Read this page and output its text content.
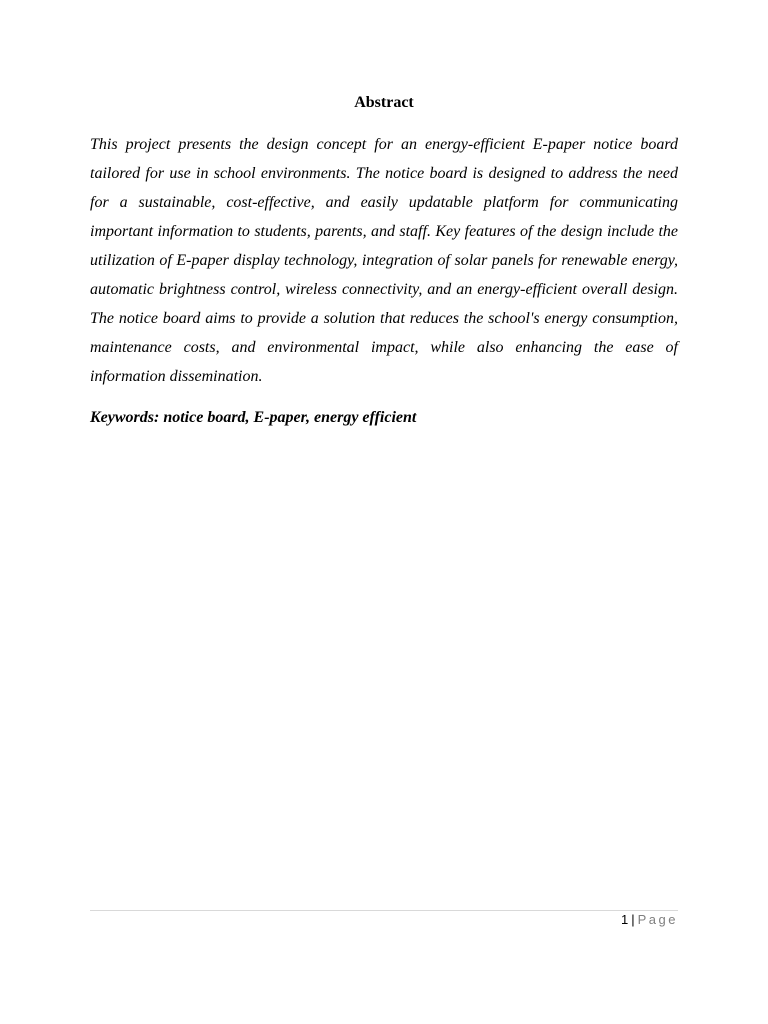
Abstract

This project presents the design concept for an energy-efficient E-paper notice board tailored for use in school environments. The notice board is designed to address the need for a sustainable, cost-effective, and easily updatable platform for communicating important information to students, parents, and staff. Key features of the design include the utilization of E-paper display technology, integration of solar panels for renewable energy, automatic brightness control, wireless connectivity, and an energy-efficient overall design. The notice board aims to provide a solution that reduces the school's energy consumption, maintenance costs, and environmental impact, while also enhancing the ease of information dissemination.

Keywords: notice board, E-paper, energy efficient

1 | Page
